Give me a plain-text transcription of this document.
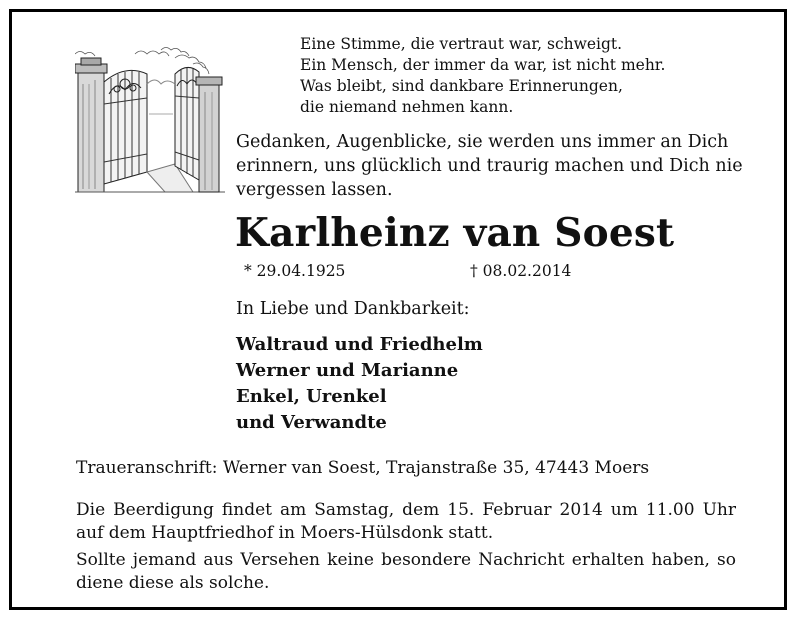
Eine Stimme, die vertraut war, schweigt.
Ein Mensch, der immer da war, ist nicht mehr.
Was bleibt, sind dankbare Erinnerungen,
die niemand nehmen kann.

Gedanken, Augenblicke, sie werden uns immer an Dich erinnern, uns glücklich und traurig machen und Dich nie vergessen lassen.

Karlheinz van Soest
* 29.04.1925	† 08.02.2014
In Liebe und Dankbarkeit:
Waltraud und Friedhelm
Werner und Marianne
Enkel, Urenkel
und Verwandte
Traueranschrift: Werner van Soest, Trajanstraße 35, 47443 Moers

Die Beerdigung findet am Samstag, dem 15. Februar 2014 um 11.00 Uhr auf dem Hauptfriedhof in Moers-Hülsdonk statt.

Sollte jemand aus Versehen keine besondere Nachricht erhalten haben, so diene diese als solche.
